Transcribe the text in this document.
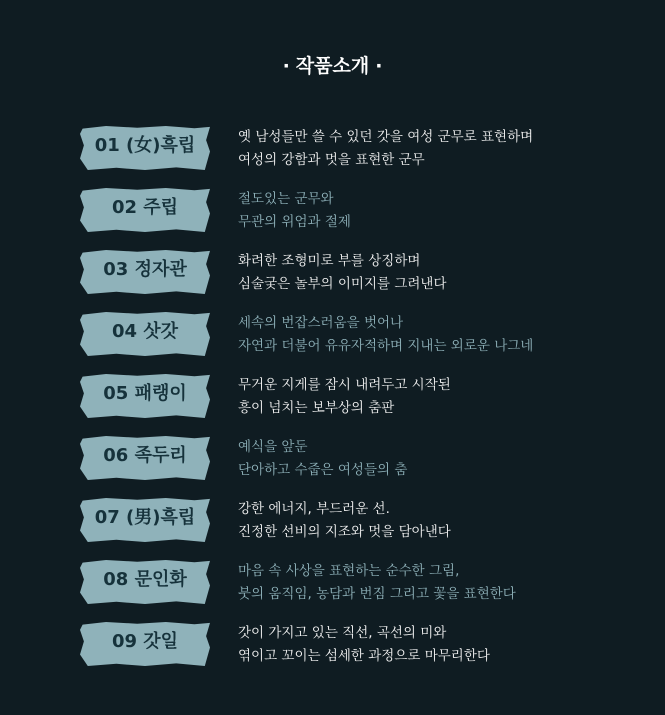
· 작품소개 ·
01 (女)흑립	옛 남성들만 쓸 수 있던 갓을 여성 군무로 표현하며
여성의 강함과 멋을 표현한 군무
02 주립	절도있는 군무와
무관의 위엄과 절제
03 정자관	화려한 조형미로 부를 상징하며
심술궂은 놀부의 이미지를 그려낸다
04 삿갓	세속의 번잡스러움을 벗어나
자연과 더불어 유유자적하며 지내는 외로운 나그네
05 패랭이	무거운 지게를 잠시 내려두고 시작된
흥이 넘치는 보부상의 춤판
06 족두리	예식을 앞둔
단아하고 수줍은 여성들의 춤
07 (男)흑립	강한 에너지, 부드러운 선.
진정한 선비의 지조와 멋을 담아낸다
08 문인화	마음 속 사상을 표현하는 순수한 그림,
붓의 움직임, 농담과 번짐 그리고 꽃을 표현한다
09 갓일	갓이 가지고 있는 직선, 곡선의 미와
엮이고 꼬이는 섬세한 과정으로 마무리한다
